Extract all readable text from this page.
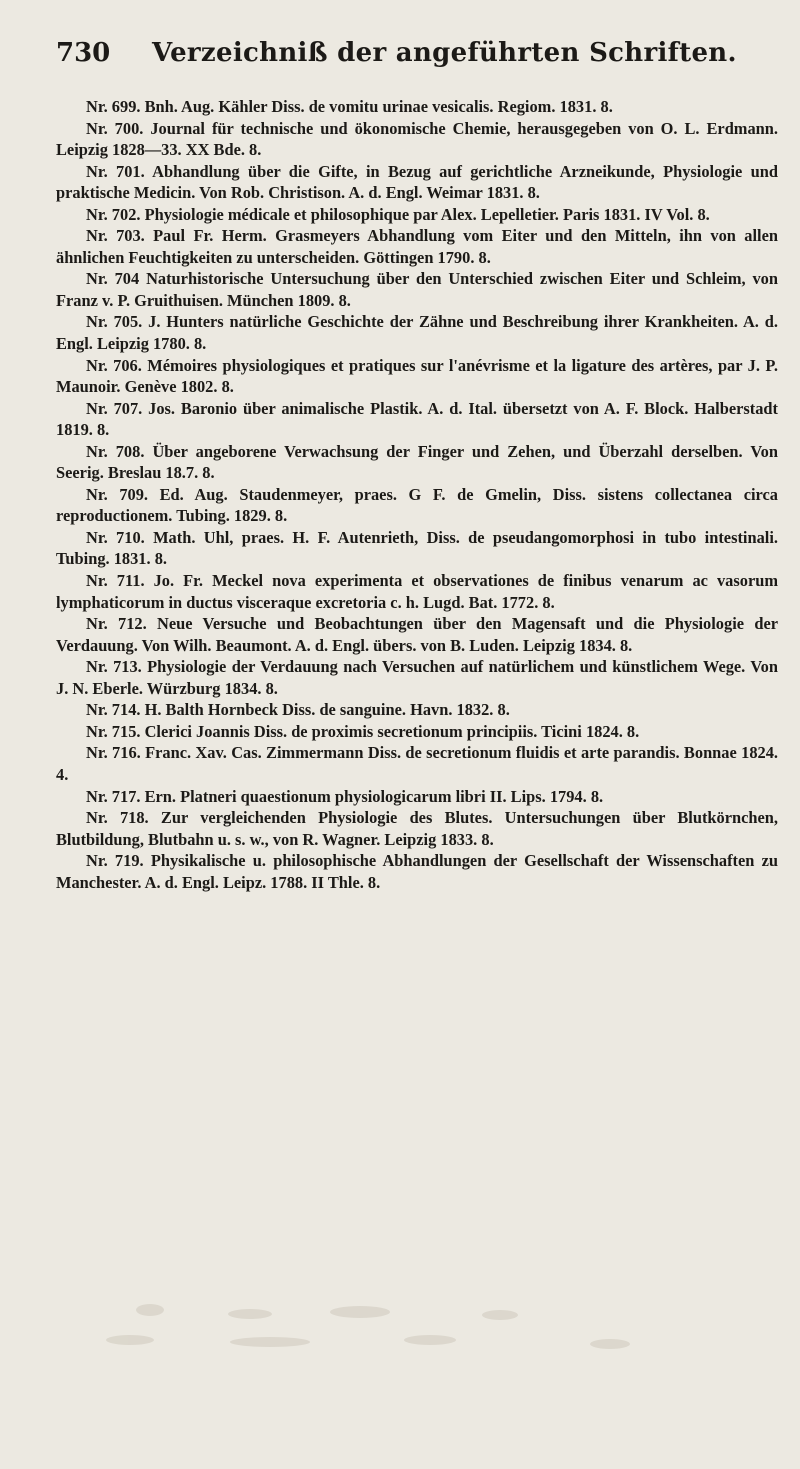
730 Verzeichniß der angeführten Schriften.

Nr. 699. Bnh. Aug. Kähler Diss. de vomitu urinae vesicalis. Regiom. 1831. 8.

Nr. 700. Journal für technische und ökonomische Chemie, herausgegeben von O. L. Erdmann. Leipzig 1828—33. XX Bde. 8.

Nr. 701. Abhandlung über die Gifte, in Bezug auf gerichtliche Arzneikunde, Physiologie und praktische Medicin. Von Rob. Christison. A. d. Engl. Weimar 1831. 8.

Nr. 702. Physiologie médicale et philosophique par Alex. Lepelletier. Paris 1831. IV Vol. 8.

Nr. 703. Paul Fr. Herm. Grasmeyers Abhandlung vom Eiter und den Mitteln, ihn von allen ähnlichen Feuchtigkeiten zu unterscheiden. Göttingen 1790. 8.

Nr. 704 Naturhistorische Untersuchung über den Unterschied zwischen Eiter und Schleim, von Franz v. P. Gruithuisen. München 1809. 8.

Nr. 705. J. Hunters natürliche Geschichte der Zähne und Beschreibung ihrer Krankheiten. A. d. Engl. Leipzig 1780. 8.

Nr. 706. Mémoires physiologiques et pratiques sur l'anévrisme et la ligature des artères, par J. P. Maunoir. Genève 1802. 8.

Nr. 707. Jos. Baronio über animalische Plastik. A. d. Ital. übersetzt von A. F. Block. Halberstadt 1819. 8.

Nr. 708. Über angeborene Verwachsung der Finger und Zehen, und Überzahl derselben. Von Seerig. Breslau 18.7. 8.

Nr. 709. Ed. Aug. Staudenmeyer, praes. G F. de Gmelin, Diss. sistens collectanea circa reproductionem. Tubing. 1829. 8.

Nr. 710. Math. Uhl, praes. H. F. Autenrieth, Diss. de pseudangomorphosi in tubo intestinali. Tubing. 1831. 8.

Nr. 711. Jo. Fr. Meckel nova experimenta et observationes de finibus venarum ac vasorum lymphaticorum in ductus visceraque excretoria c. h. Lugd. Bat. 1772. 8.

Nr. 712. Neue Versuche und Beobachtungen über den Magensaft und die Physiologie der Verdauung. Von Wilh. Beaumont. A. d. Engl. übers. von B. Luden. Leipzig 1834. 8.

Nr. 713. Physiologie der Verdauung nach Versuchen auf natürlichem und künstlichem Wege. Von J. N. Eberle. Würzburg 1834. 8.

Nr. 714. H. Balth Hornbeck Diss. de sanguine. Havn. 1832. 8.

Nr. 715. Clerici Joannis Diss. de proximis secretionum principiis. Ticini 1824. 8.

Nr. 716. Franc. Xav. Cas. Zimmermann Diss. de secretionum fluidis et arte parandis. Bonnae 1824. 4.

Nr. 717. Ern. Platneri quaestionum physiologicarum libri II. Lips. 1794. 8.

Nr. 718. Zur vergleichenden Physiologie des Blutes. Untersuchungen über Blutkörnchen, Blutbildung, Blutbahn u. s. w., von R. Wagner. Leipzig 1833. 8.

Nr. 719. Physikalische u. philosophische Abhandlungen der Gesellschaft der Wissenschaften zu Manchester. A. d. Engl. Leipz. 1788. II Thle. 8.
